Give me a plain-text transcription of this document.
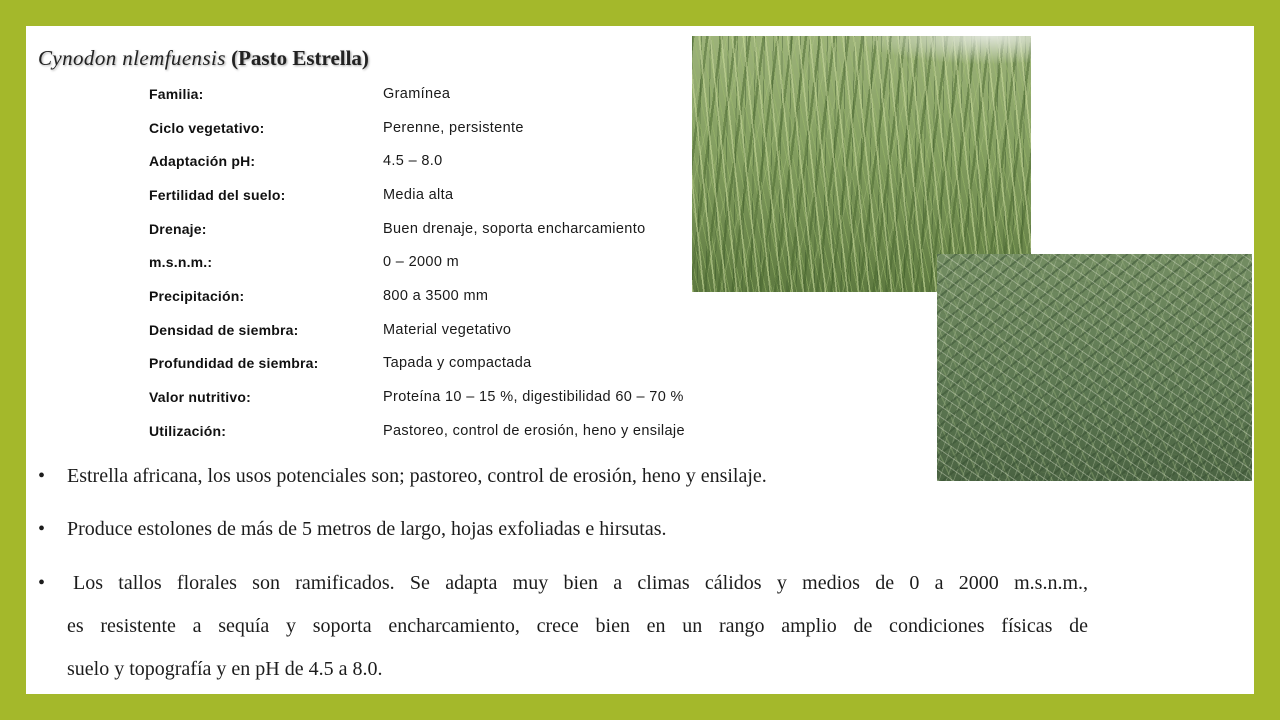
Cynodon nlemfuensis (Pasto Estrella)
Familia:	Gramínea
Ciclo vegetativo:	Perenne, persistente
Adaptación pH:	4.5 – 8.0
Fertilidad del suelo:	Media alta
Drenaje:	Buen drenaje, soporta encharcamiento
m.s.n.m.:	0 – 2000 m
Precipitación:	800 a 3500 mm
Densidad de siembra:	Material vegetativo
Profundidad de siembra:	Tapada y compactada
Valor nutritivo:	Proteína 10 – 15 %, digestibilidad 60 – 70 %
Utilización:	Pastoreo, control de erosión, heno y ensilaje
• Estrella africana, los usos potenciales son; pastoreo, control de erosión, heno y ensilaje.
• Produce estolones de más de 5 metros de largo, hojas exfoliadas e hirsutas.
•	Los tallos florales son ramificados. Se adapta muy bien a climas cálidos y medios de 0 a 2000 m.s.n.m.,
es resistente a sequía y soporta encharcamiento, crece bien en un rango amplio de condiciones físicas de
suelo y topografía y en pH de 4.5 a 8.0.
